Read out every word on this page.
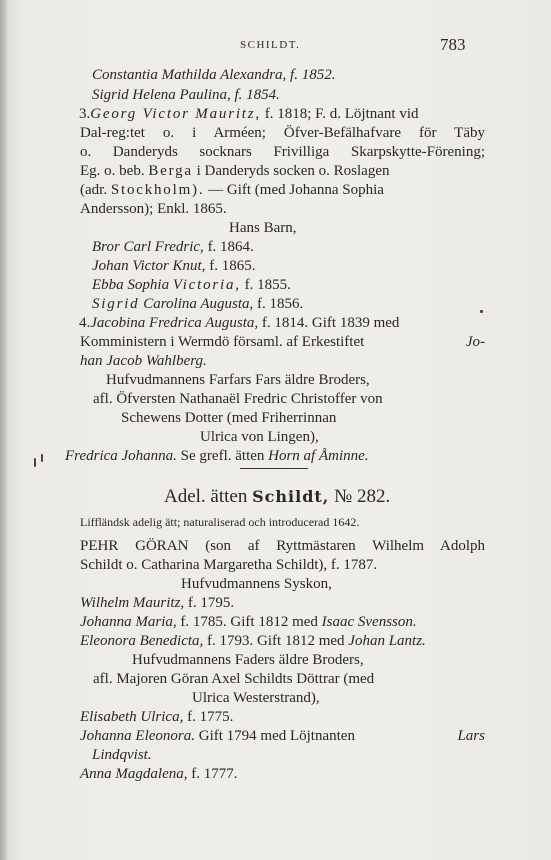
SCHILDT.	783
Constantia Mathilda Alexandra, f. 1852.
Sigrid Helena Paulina, f. 1854.
3.Georg Victor Mauritz, f. 1818; F. d. Löjtnant vid
Dal-reg:tet o. i Arméen; Öfver-Befälhafvare för Täby
o. Danderyds socknars Frivilliga Skarpskytte-Förening;
Eg. o. beb. Berga i Danderyds socken o. Roslagen
(adr. Stockholm). — Gift (med Johanna Sophia
Andersson); Enkl. 1865.
Hans Barn,
Bror Carl Fredric, f. 1864.
Johan Victor Knut, f. 1865.
Ebba Sophia Victoria, f. 1855.
Sigrid Carolina Augusta, f. 1856.
4.Jacobina Fredrica Augusta, f. 1814. Gift 1839 med
Komministern i Wermdö församl. af Erkestiftet	Jo-
han Jacob Wahlberg.
Hufvudmannens Farfars Fars äldre Broders,
afl. Öfversten Nathanaël Fredric Christoffer von
Schewens Dotter (med Friherrinnan
Ulrica von Lingen),
Fredrica Johanna. Se grefl. ätten Horn af Åminne.
Adel. ätten Schildt, № 282.
Liffländsk adelig ätt; naturaliserad och introducerad 1642.
PEHR GÖRAN (son af Ryttmästaren Wilhelm Adolph
Schildt o. Catharina Margaretha Schildt), f. 1787.
Hufvudmannens Syskon,
Wilhelm Mauritz, f. 1795.
Johanna Maria, f. 1785. Gift 1812 med Isaac Svensson.
Eleonora Benedicta, f. 1793. Gift 1812 med Johan Lantz.
Hufvudmannens Faders äldre Broders,
afl. Majoren Göran Axel Schildts Döttrar (med
Ulrica Westerstrand),
Elisabeth Ulrica, f. 1775.
Johanna Eleonora. Gift 1794 med Löjtnanten	Lars
Lindqvist.
Anna Magdalena, f. 1777.
